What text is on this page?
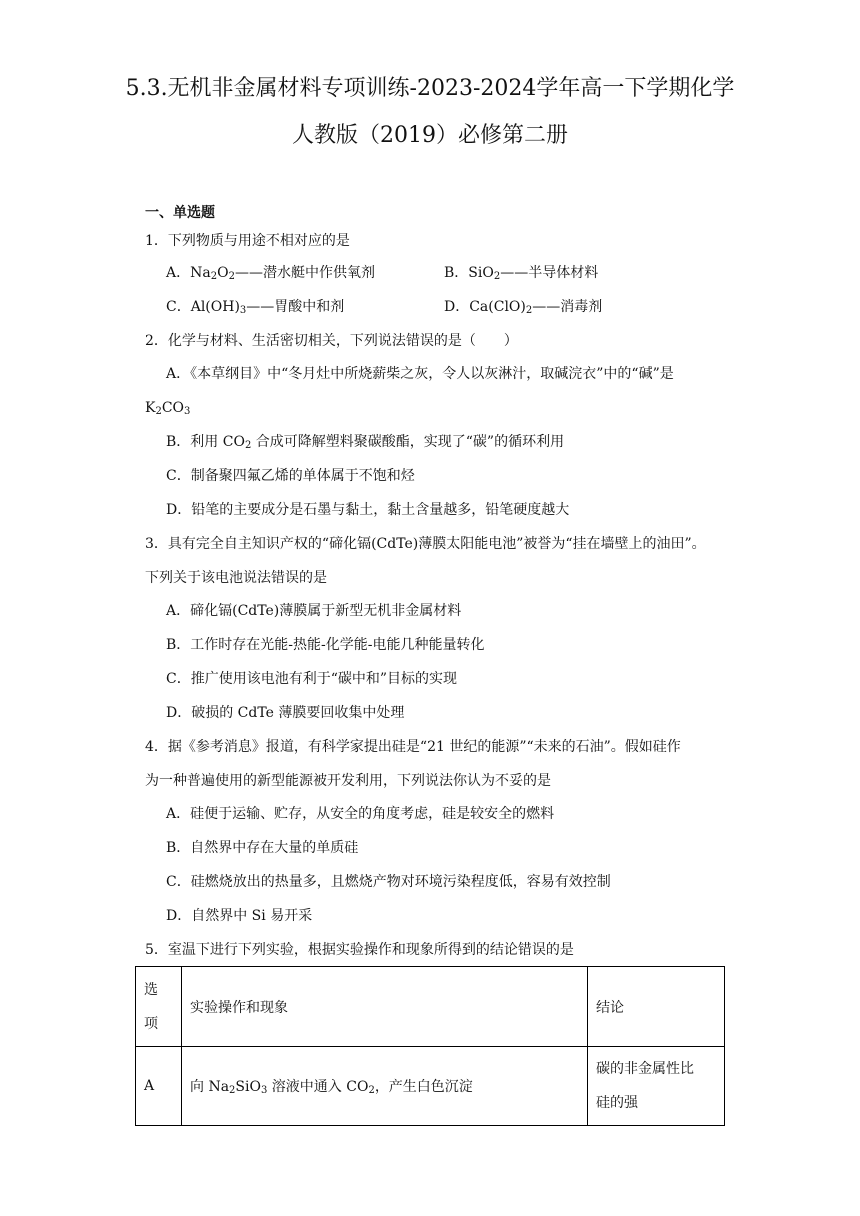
5.3.无机非金属材料专项训练-2023-2024学年高一下学期化学
人教版（2019）必修第二册
一、单选题
1．下列物质与用途不相对应的是
A．$Na_2O_2——$潜水艇中作供氧剂	B．SiO$_2$——半导体材料
C．$Al(OH)_3——$胃酸中和剂	D．$Ca(ClO)_2——$消毒剂
2．化学与材料、生活密切相关，下列说法错误的是（　　）
A．《本草纲目》中“冬月灶中所烧薪柴之灰，令人以灰淋汁，取碱浣衣”中的“碱”是
$K_2CO_3$
B．利用 $CO_2$ 合成可降解塑料聚碳酸酯，实现了“碳”的循环利用
C．制备聚四氟乙烯的单体属于不饱和烃
D．铅笔的主要成分是石墨与黏土，黏土含量越多，铅笔硬度越大
3．具有完全自主知识产权的“碲化镉(CdTe)薄膜太阳能电池”被誉为“挂在墙壁上的油田”。
下列关于该电池说法错误的是
A．碲化镉(CdTe)薄膜属于新型无机非金属材料
B．工作时存在光能-热能-化学能-电能几种能量转化
C．推广使用该电池有利于“碳中和”目标的实现
D．破损的 CdTe 薄膜要回收集中处理
4．据《参考消息》报道，有科学家提出硅是“21 世纪的能源”“未来的石油”。假如硅作
为一种普遍使用的新型能源被开发利用，下列说法你认为不妥的是
A．硅便于运输、贮存，从安全的角度考虑，硅是较安全的燃料
B．自然界中存在大量的单质硅
C．硅燃烧放出的热量多，且燃烧产物对环境污染程度低，容易有效控制
D．自然界中 Si 易开采
5．室温下进行下列实验，根据实验操作和现象所得到的结论错误的是
选
项	实验操作和现象	结论
A	向 $Na_2SiO_3$ 溶液中通入 $CO_2$，产生白色沉淀	碳的非金属性比
硅的强
